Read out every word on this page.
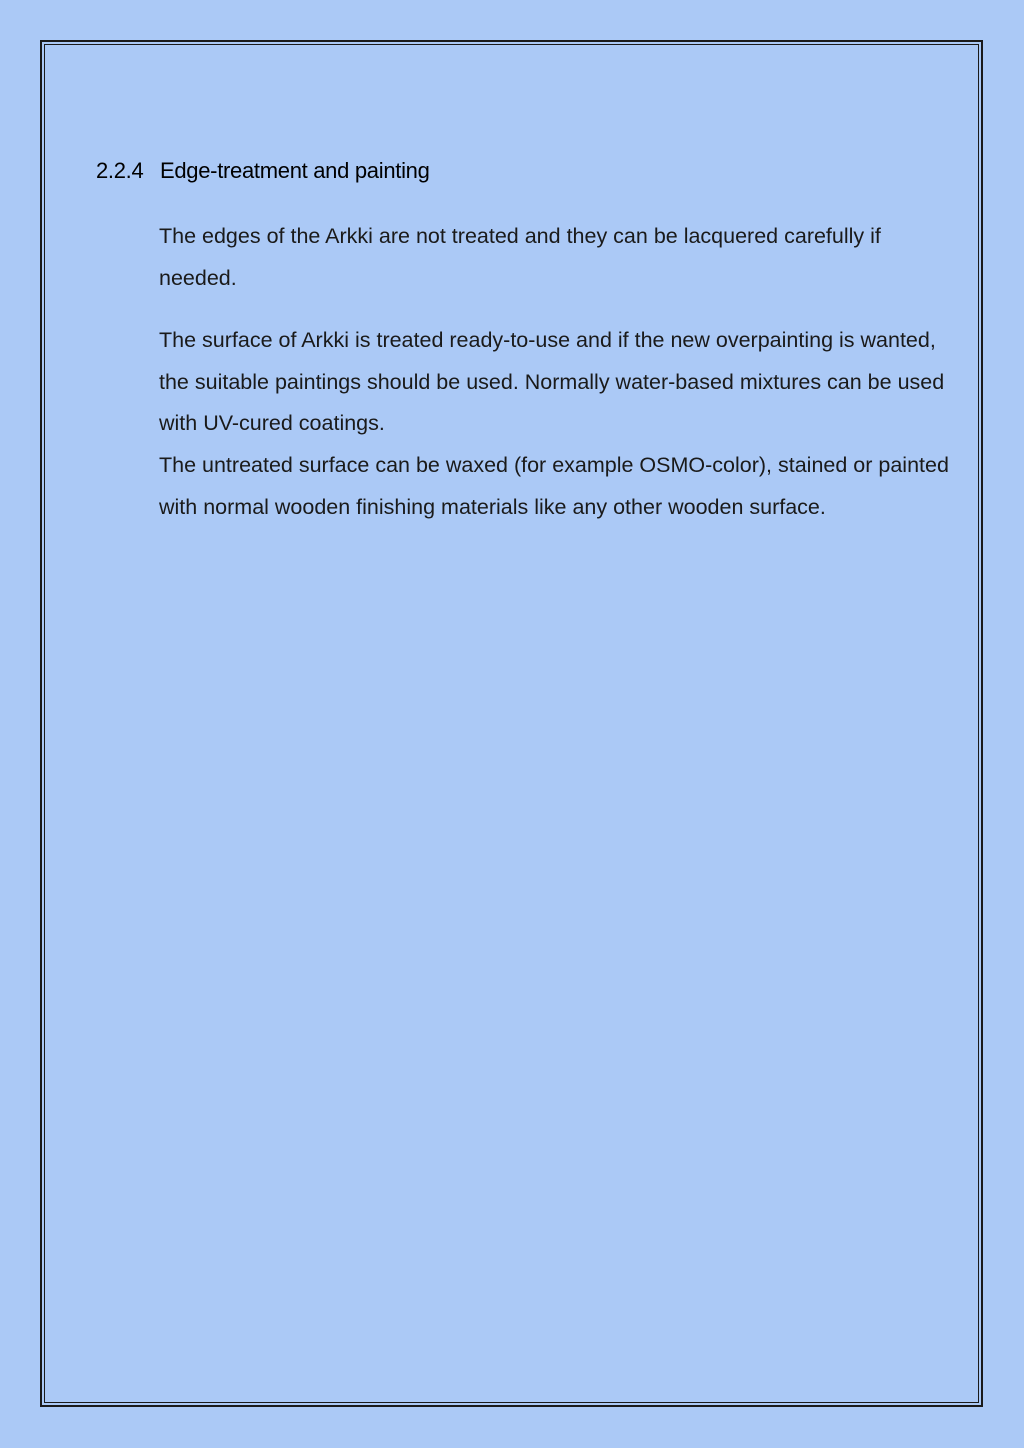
2.2.4 Edge-treatment and painting

The edges of the Arkki are not treated and they can be lacquered carefully if needed.

The surface of Arkki is treated ready-to-use and if the new overpainting is wanted, the suitable paintings should be used. Normally water-based mixtures can be used with UV-cured coatings.

The untreated surface can be waxed (for example OSMO-color), stained or painted with normal wooden finishing materials like any other wooden surface.
